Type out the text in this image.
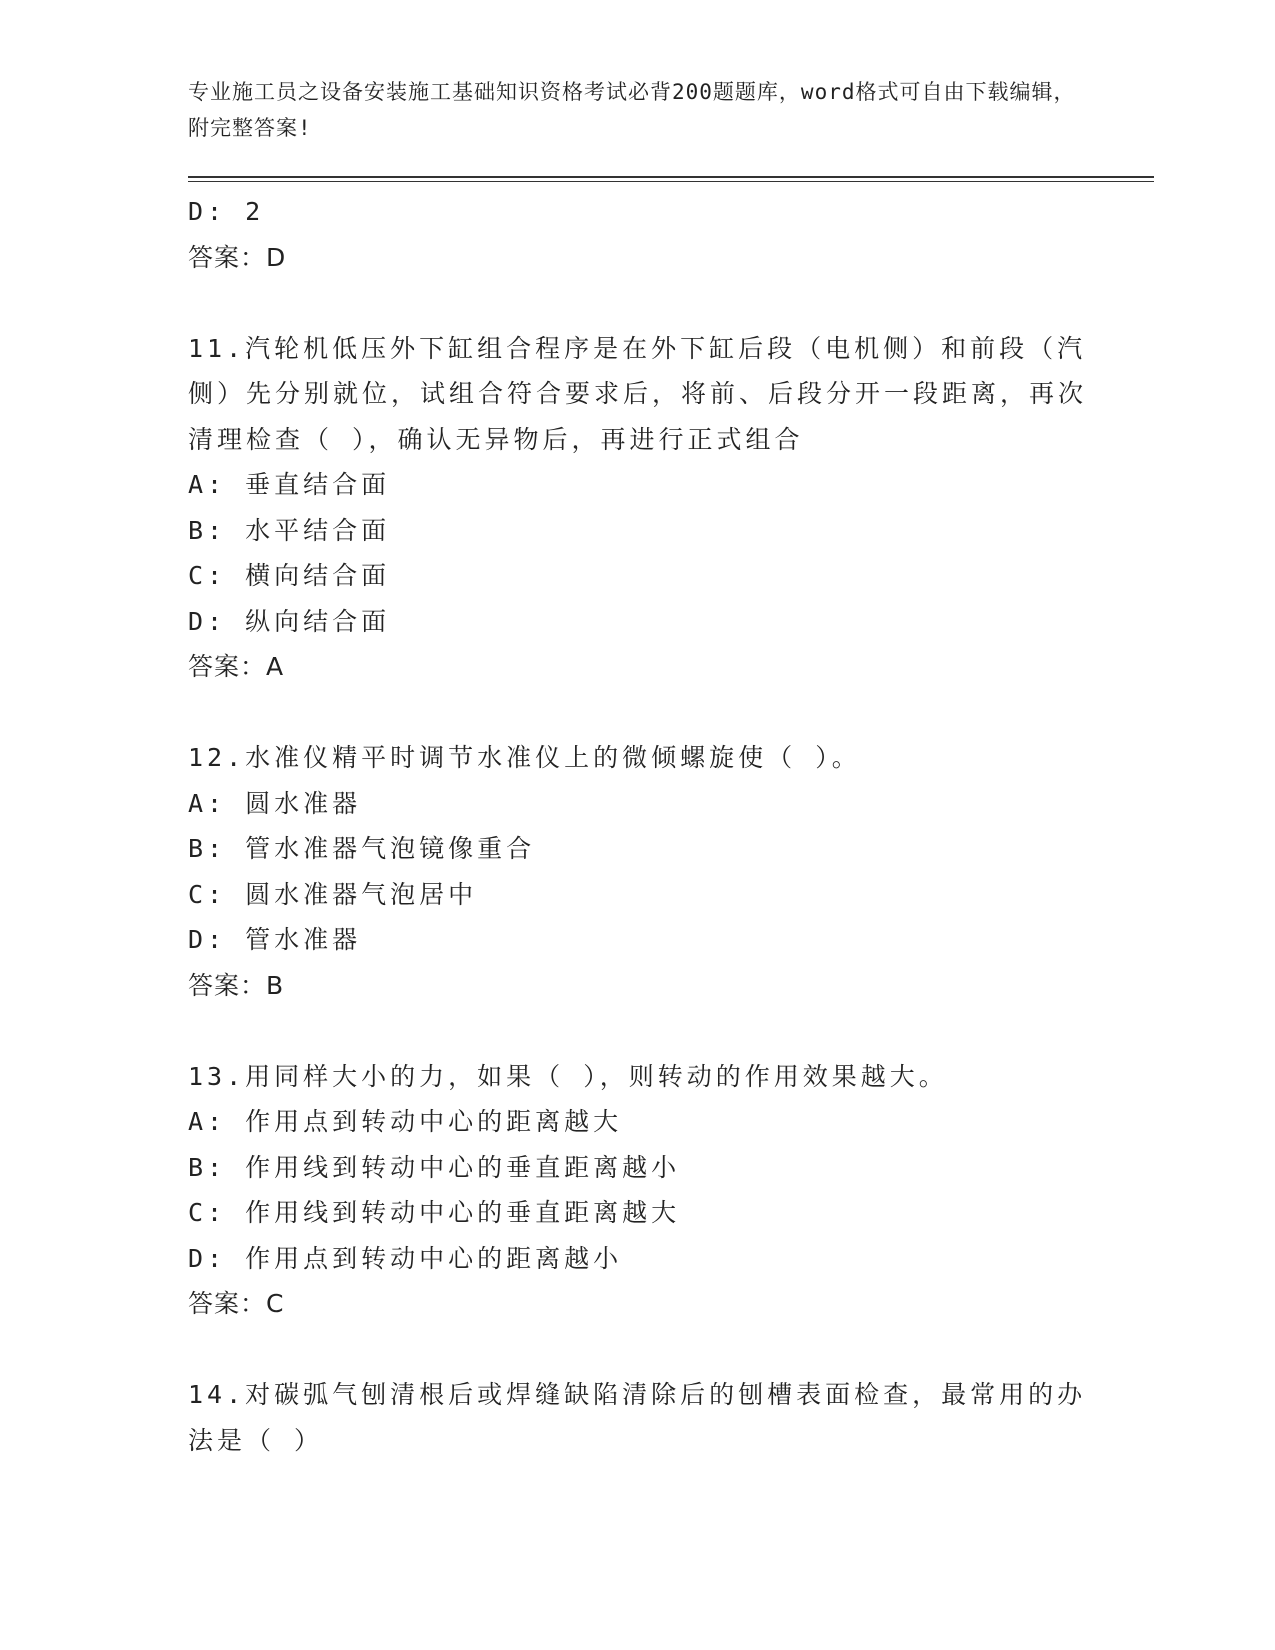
专业施工员之设备安装施工基础知识资格考试必背200题题库，word格式可自由下载编辑，附完整答案!
D: 2
答案：D
11.汽轮机低压外下缸组合程序是在外下缸后段（电机侧）和前段（汽侧）先分别就位，试组合符合要求后，将前、后段分开一段距离，再次清理检查（ ），确认无异物后，再进行正式组合
A: 垂直结合面
B: 水平结合面
C: 横向结合面
D: 纵向结合面
答案：A
12.水准仪精平时调节水准仪上的微倾螺旋使（ ）。
A: 圆水准器
B: 管水准器气泡镜像重合
C: 圆水准器气泡居中
D: 管水准器
答案：B
13.用同样大小的力，如果（ ），则转动的作用效果越大。
A: 作用点到转动中心的距离越大
B: 作用线到转动中心的垂直距离越小
C: 作用线到转动中心的垂直距离越大
D: 作用点到转动中心的距离越小
答案：C
14.对碳弧气刨清根后或焊缝缺陷清除后的刨槽表面检查，最常用的办法是（ ）
